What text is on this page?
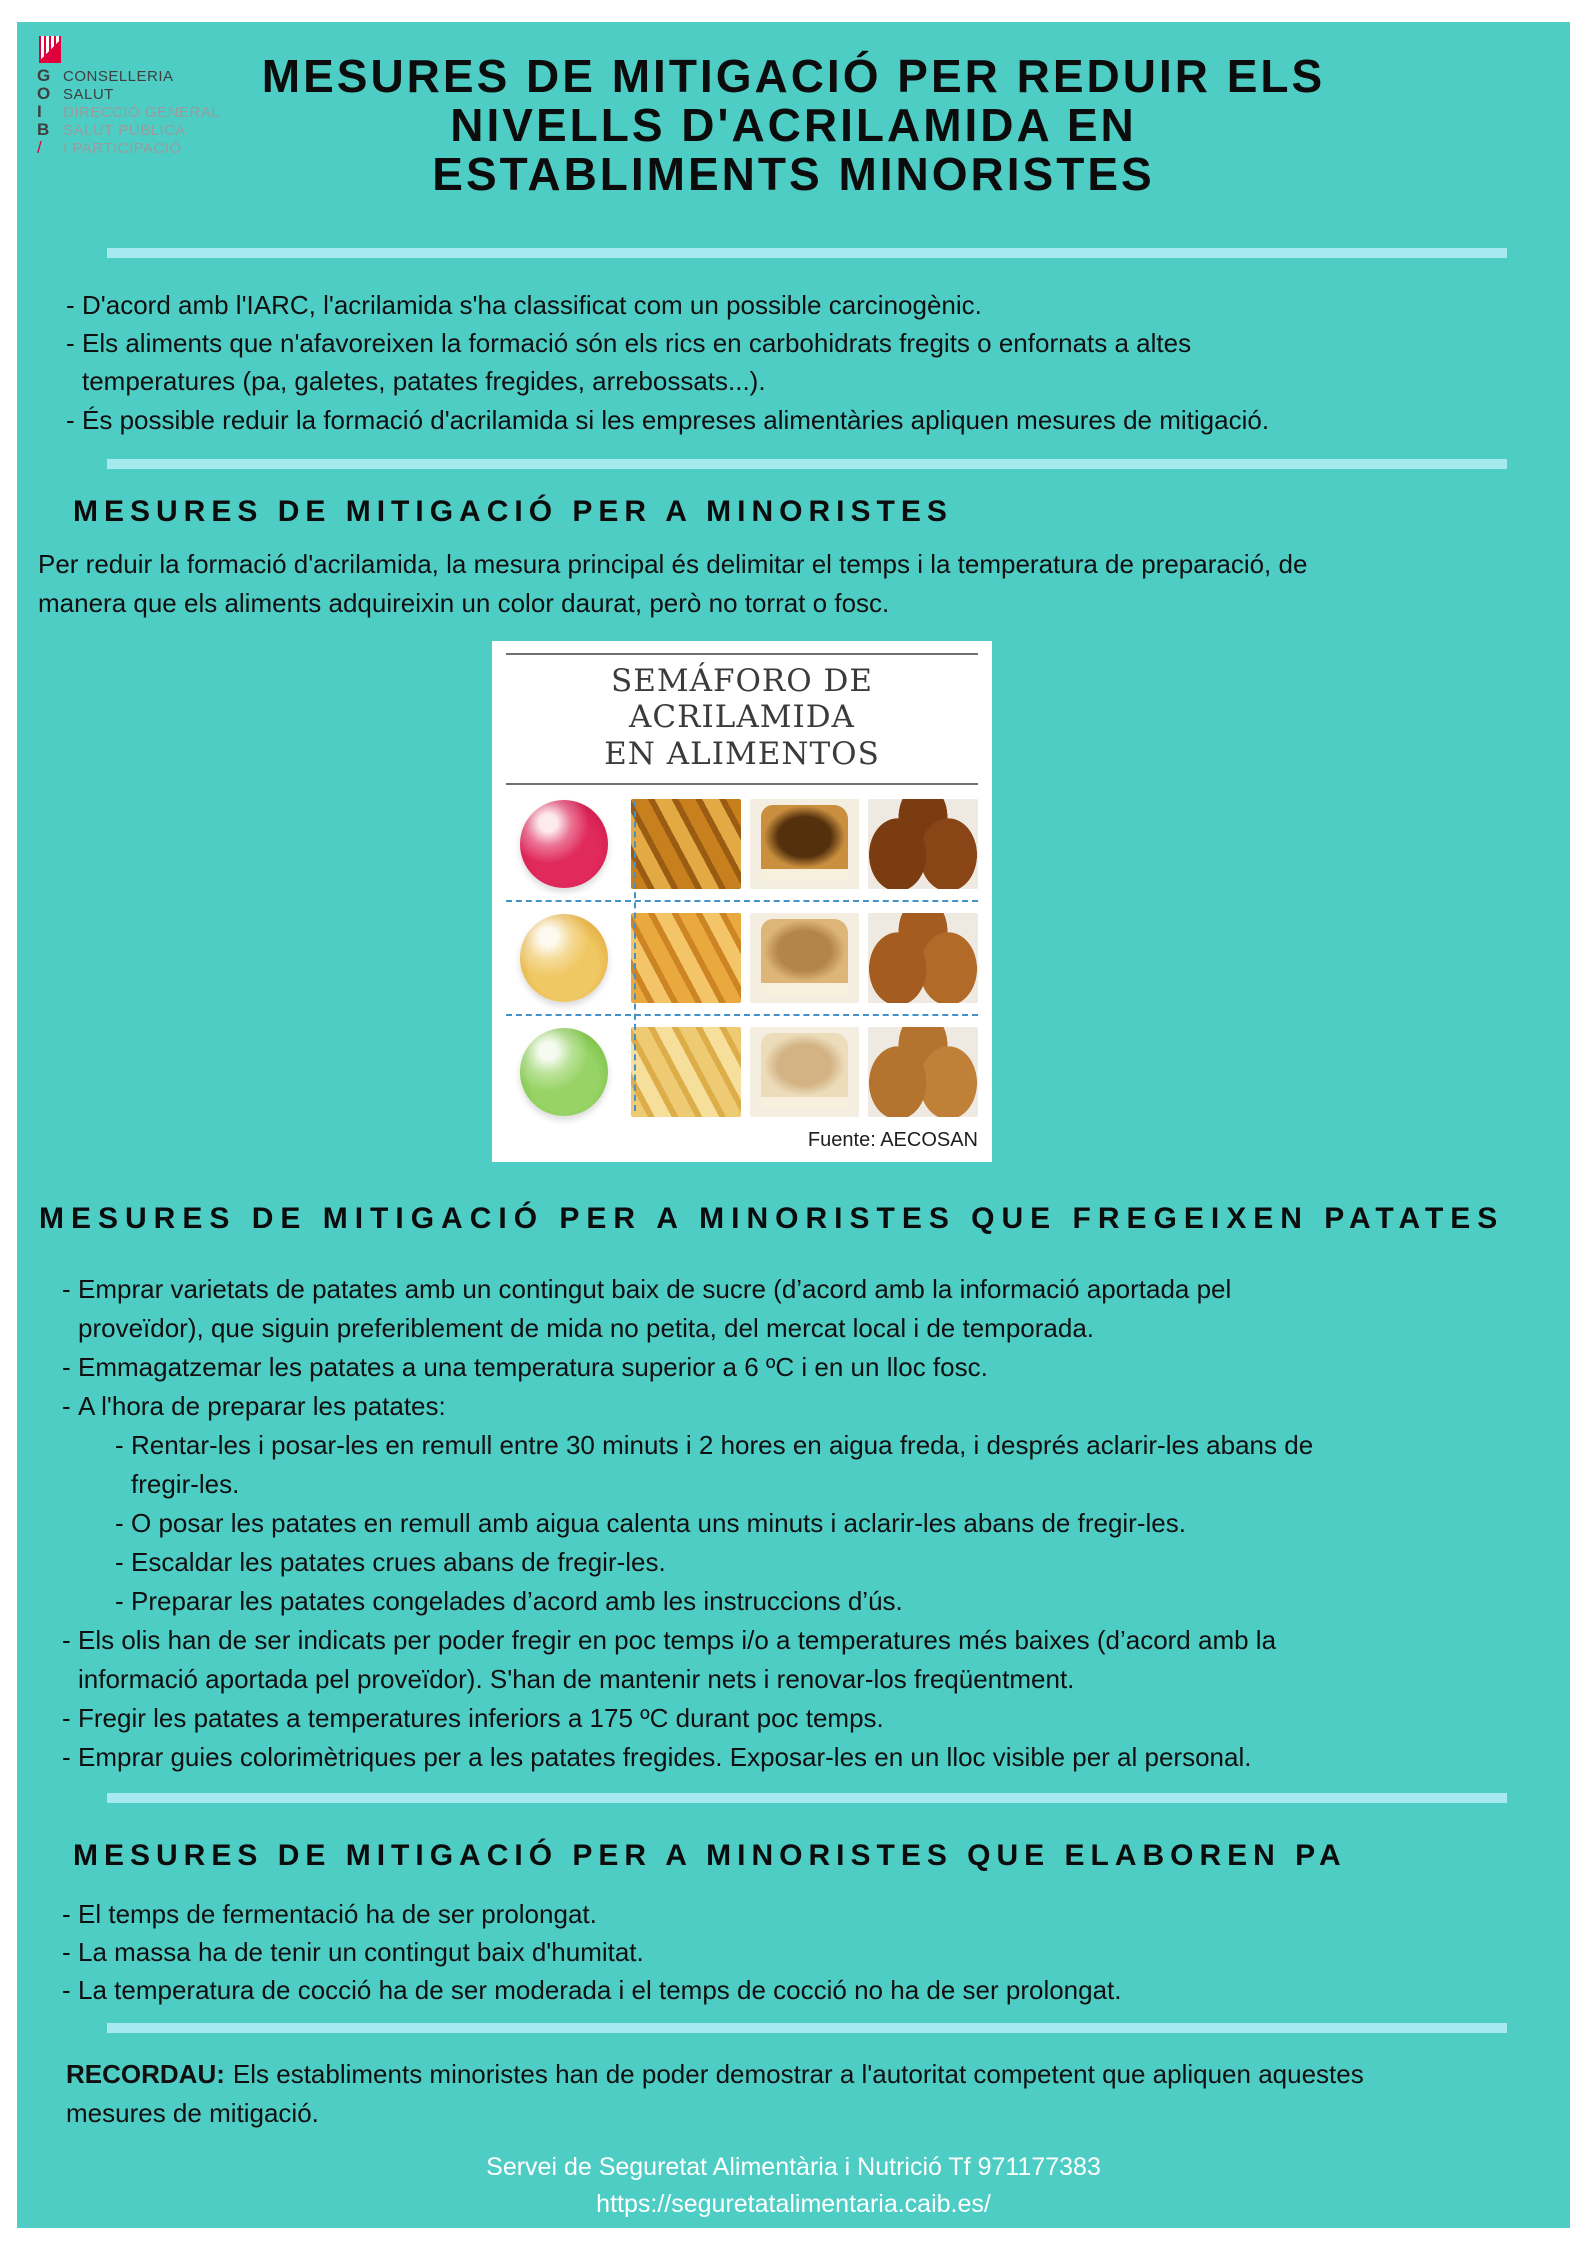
G CONSELLERIA
O SALUT
I	DIRECCIÓ GENERAL
B SALUT PÚBLICA
/	I PARTICIPACIÓ
MESURES DE MITIGACIÓ PER REDUIR ELS
NIVELLS D'ACRILAMIDA EN
ESTABLIMENTS MINORISTES
- D'acord amb l'IARC, l'acrilamida s'ha classificat com un possible carcinogènic.
- Els aliments que n'afavoreixen la formació són els rics en carbohidrats fregits o enfornats a altes temperatures (pa, galetes, patates fregides, arrebossats...).
- És possible reduir la formació d'acrilamida si les empreses alimentàries apliquen mesures de mitigació.
MESURES DE MITIGACIÓ PER A MINORISTES
Per reduir la formació d'acrilamida, la mesura principal és delimitar el temps i la temperatura de preparació, de manera que els aliments adquireixin un color daurat, però no torrat o fosc.
SEMÁFORO DE ACRILAMIDA
EN ALIMENTOS
Fuente: AECOSAN
MESURES DE MITIGACIÓ PER A MINORISTES QUE FREGEIXEN PATATES
- Emprar varietats de patates amb un contingut baix de sucre (d’acord amb la informació aportada pel proveïdor), que siguin preferiblement de mida no petita, del mercat local i de temporada.
- Emmagatzemar les patates a una temperatura superior a 6 ºC i en un lloc fosc.
- A l'hora de preparar les patates:
- Rentar-les i posar-les en remull entre 30 minuts i 2 hores en aigua freda, i després aclarir-les abans de fregir-les.
- O posar les patates en remull amb aigua calenta uns minuts i aclarir-les abans de fregir-les.
- Escaldar les patates crues abans de fregir-les.
- Preparar les patates congelades d’acord amb les instruccions d’ús.
- Els olis han de ser indicats per poder fregir en poc temps i/o a temperatures més baixes (d’acord amb la informació aportada pel proveïdor). S'han de mantenir nets i renovar-los freqüentment.
- Fregir les patates a temperatures inferiors a 175 ºC durant poc temps.
- Emprar guies colorimètriques per a les patates fregides. Exposar-les en un lloc visible per al personal.
MESURES DE MITIGACIÓ PER A MINORISTES QUE ELABOREN PA
- El temps de fermentació ha de ser prolongat.
- La massa ha de tenir un contingut baix d'humitat.
- La temperatura de cocció ha de ser moderada i el temps de cocció no ha de ser prolongat.
RECORDAU: Els establiments minoristes han de poder demostrar a l'autoritat competent que apliquen aquestes mesures de mitigació.
Servei de Seguretat Alimentària i Nutrició Tf 971177383
https://seguretatalimentaria.caib.es/
